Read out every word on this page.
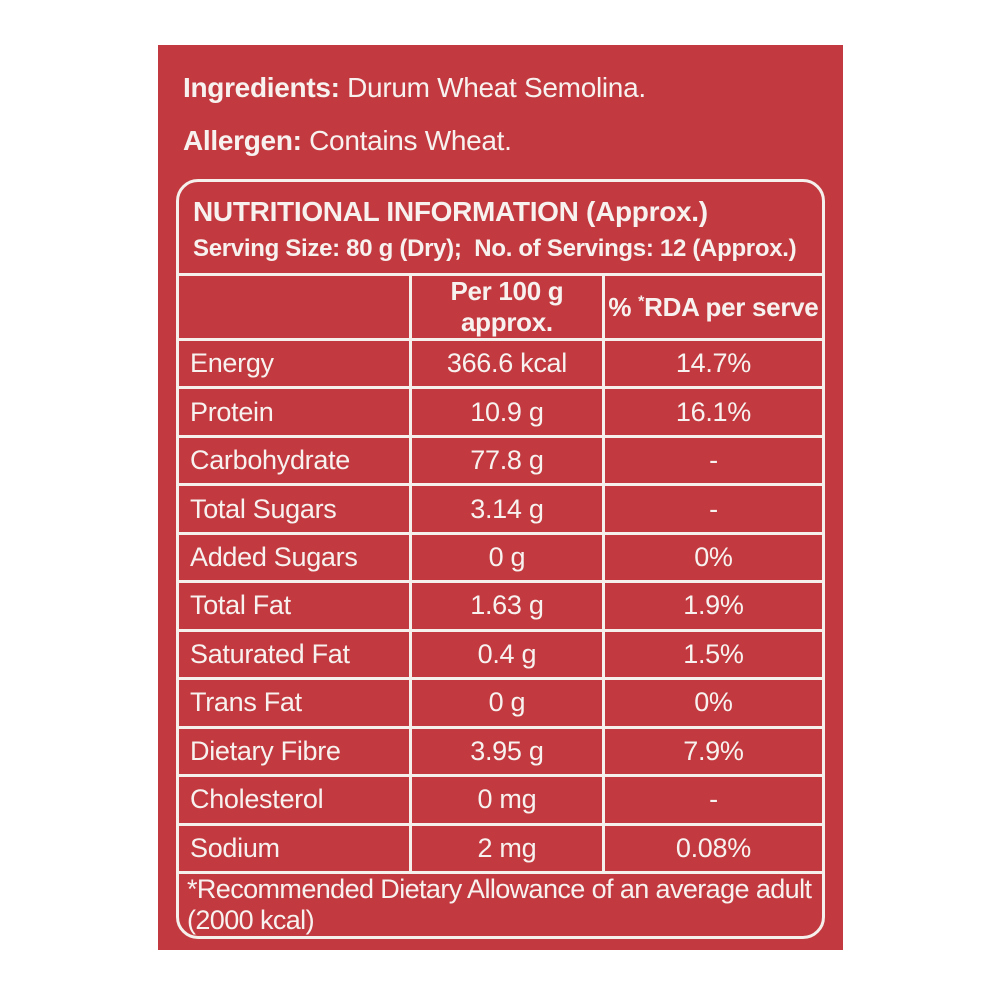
Ingredients: Durum Wheat Semolina.
Allergen: Contains Wheat.
NUTRITIONAL INFORMATION (Approx.)
Serving Size: 80 g (Dry);  No. of Servings: 12 (Approx.)
	Per 100 g approx.	% *RDA per serve
Energy	366.6 kcal	14.7%
Protein	10.9 g	16.1%
Carbohydrate	77.8 g	-
Total Sugars	3.14 g	-
Added Sugars	0 g	0%
Total Fat	1.63 g	1.9%
Saturated Fat	0.4 g	1.5%
Trans Fat	0 g	0%
Dietary Fibre	3.95 g	7.9%
Cholesterol	0 mg	-
Sodium	2 mg	0.08%
*Recommended Dietary Allowance of an average adult (2000 kcal)		
